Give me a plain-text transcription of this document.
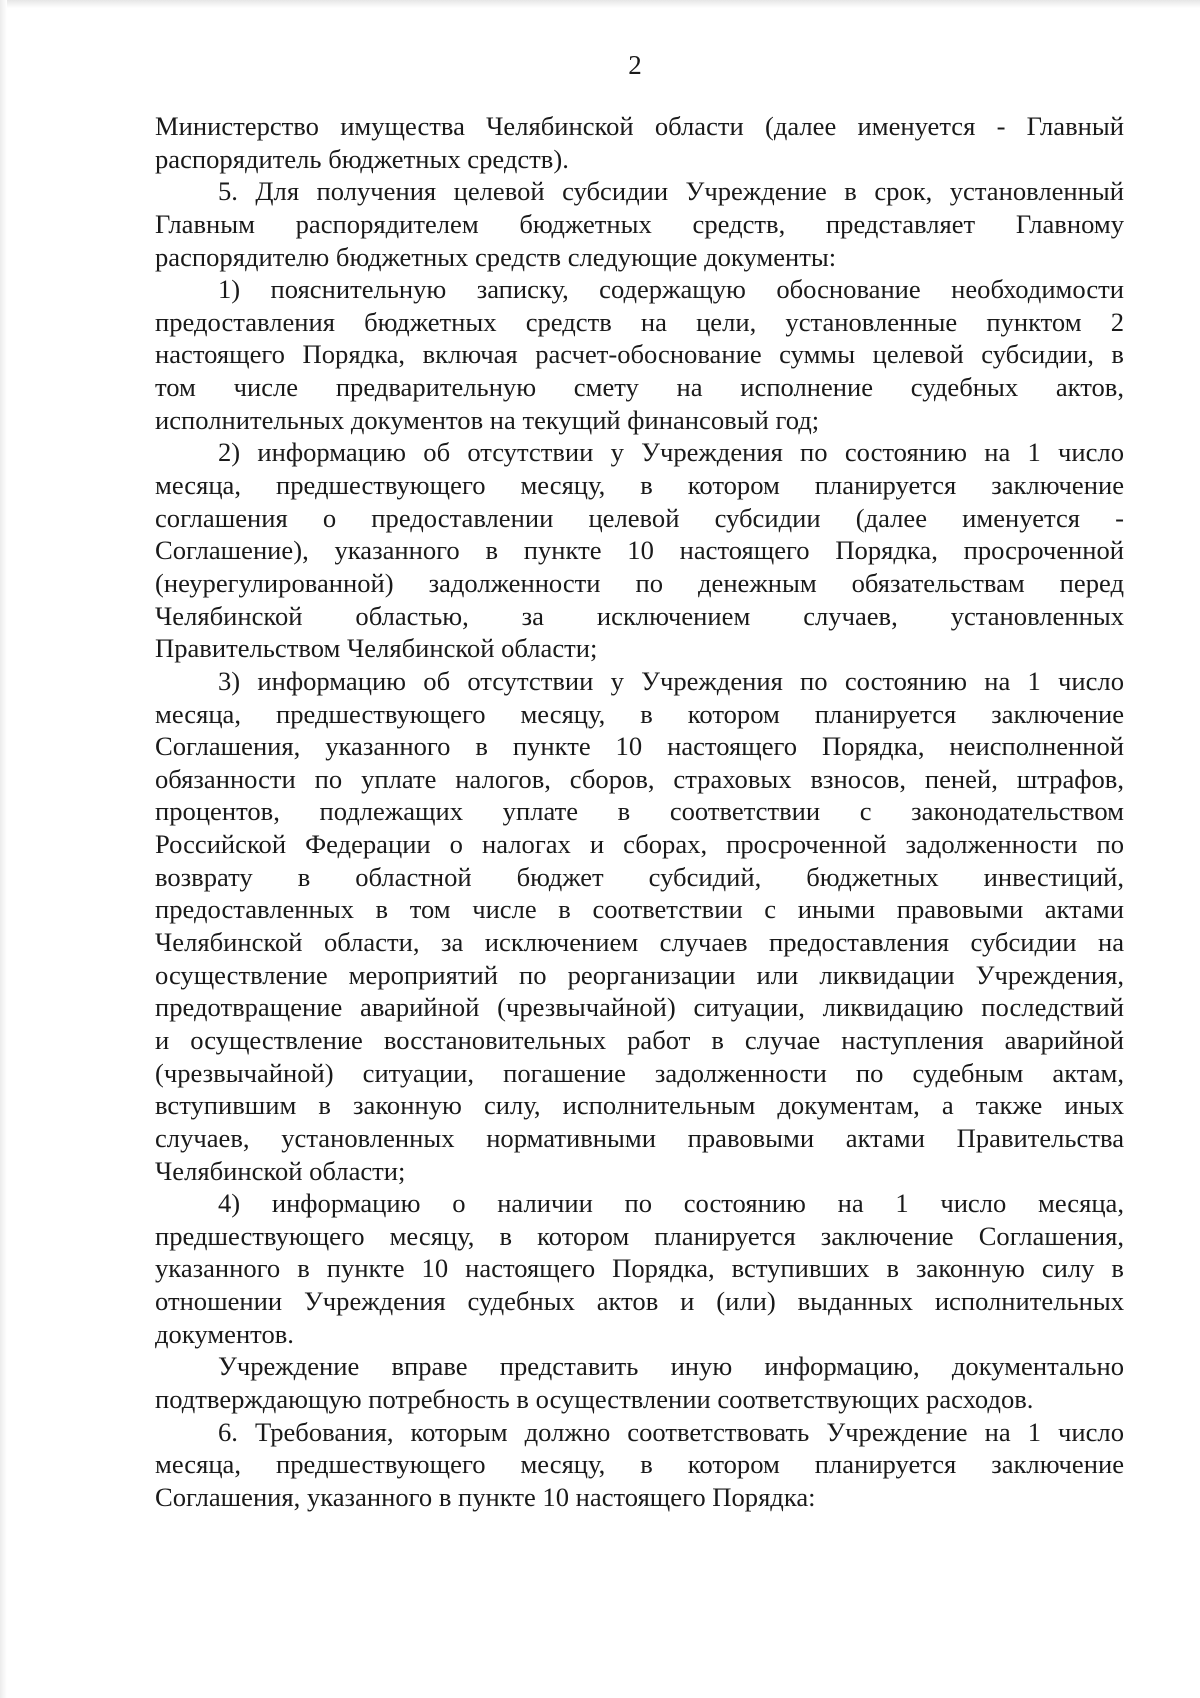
2
Министерство имущества Челябинской области (далее именуется - Главный
распорядитель бюджетных средств).
5. Для получения целевой субсидии Учреждение в срок, установленный
Главным распорядителем бюджетных средств, представляет Главному
распорядителю бюджетных средств следующие документы:
1) пояснительную записку, содержащую обоснование необходимости
предоставления бюджетных средств на цели, установленные пунктом 2
настоящего Порядка, включая расчет-обоснование суммы целевой субсидии, в
том числе предварительную смету на исполнение судебных актов,
исполнительных документов на текущий финансовый год;
2) информацию об отсутствии у Учреждения по состоянию на 1 число
месяца, предшествующего месяцу, в котором планируется заключение
соглашения о предоставлении целевой субсидии (далее именуется -
Соглашение), указанного в пункте 10 настоящего Порядка, просроченной
(неурегулированной) задолженности по денежным обязательствам перед
Челябинской областью, за исключением случаев, установленных
Правительством Челябинской области;
3) информацию об отсутствии у Учреждения по состоянию на 1 число
месяца, предшествующего месяцу, в котором планируется заключение
Соглашения, указанного в пункте 10 настоящего Порядка, неисполненной
обязанности по уплате налогов, сборов, страховых взносов, пеней, штрафов,
процентов, подлежащих уплате в соответствии с законодательством
Российской Федерации о налогах и сборах, просроченной задолженности по
возврату в областной бюджет субсидий, бюджетных инвестиций,
предоставленных в том числе в соответствии с иными правовыми актами
Челябинской области, за исключением случаев предоставления субсидии на
осуществление мероприятий по реорганизации или ликвидации Учреждения,
предотвращение аварийной (чрезвычайной) ситуации, ликвидацию последствий
и осуществление восстановительных работ в случае наступления аварийной
(чрезвычайной) ситуации, погашение задолженности по судебным актам,
вступившим в законную силу, исполнительным документам, а также иных
случаев, установленных нормативными правовыми актами Правительства
Челябинской области;
4) информацию о наличии по состоянию на 1 число месяца,
предшествующего месяцу, в котором планируется заключение Соглашения,
указанного в пункте 10 настоящего Порядка, вступивших в законную силу в
отношении Учреждения судебных актов и (или) выданных исполнительных
документов.
Учреждение вправе представить иную информацию, документально
подтверждающую потребность в осуществлении соответствующих расходов.
6. Требования, которым должно соответствовать Учреждение на 1 число
месяца, предшествующего месяцу, в котором планируется заключение
Соглашения, указанного в пункте 10 настоящего Порядка:
